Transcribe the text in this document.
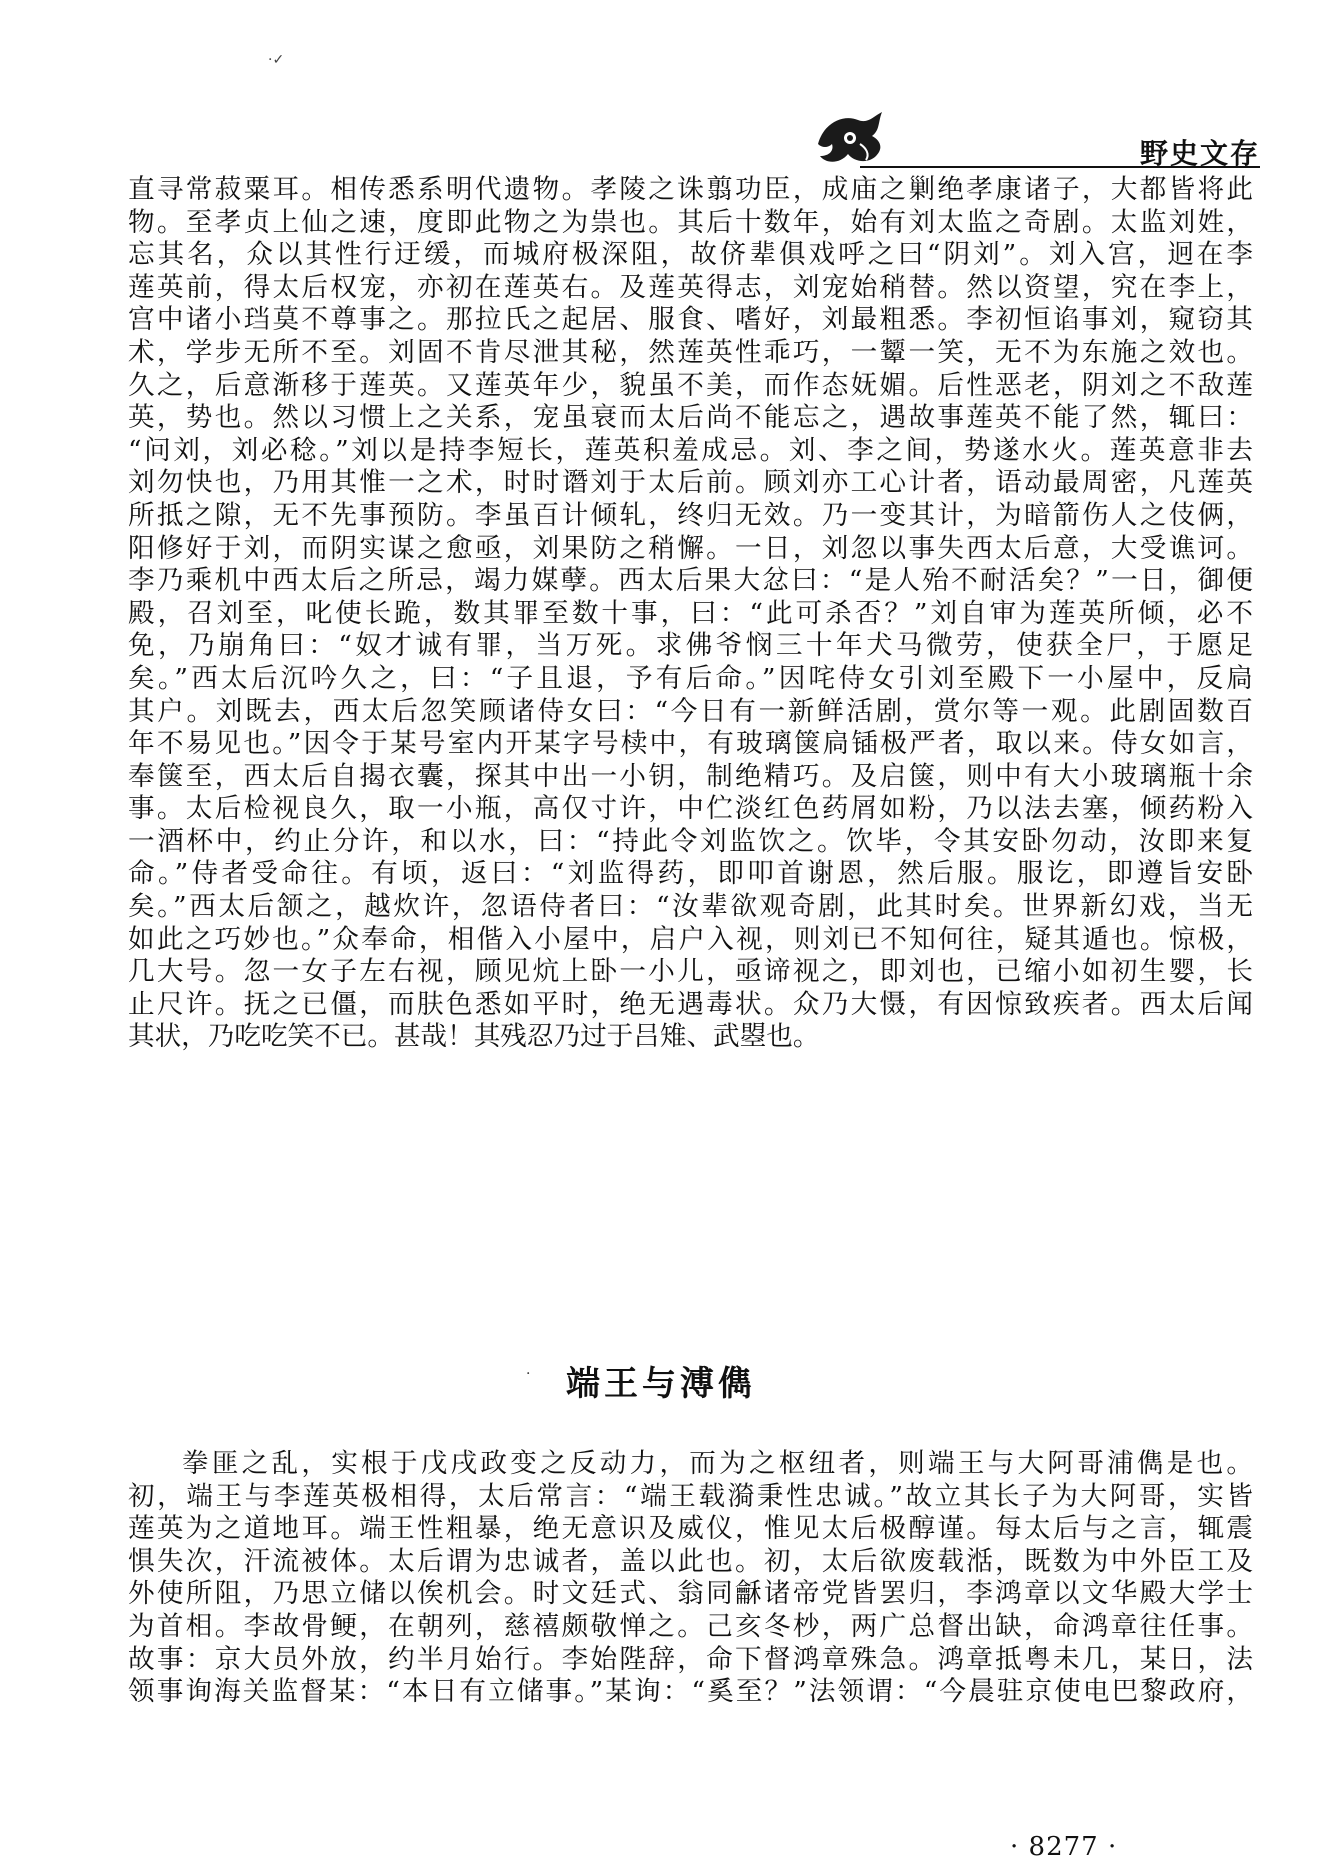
·✓
野史文存
直寻常菽粟耳。相传悉系明代遗物。孝陵之诛翦功臣，成庙之剿绝孝康诸子，大都皆将此
物。至孝贞上仙之速，度即此物之为祟也。其后十数年，始有刘太监之奇剧。太监刘姓，
忘其名，众以其性行迂缓，而城府极深阻，故侪辈俱戏呼之曰“阴刘”。刘入宫，迥在李
莲英前，得太后权宠，亦初在莲英右。及莲英得志，刘宠始稍替。然以资望，究在李上，
宫中诸小珰莫不尊事之。那拉氏之起居、服食、嗜好，刘最粗悉。李初恒谄事刘，窥窃其
术，学步无所不至。刘固不肯尽泄其秘，然莲英性乖巧，一颦一笑，无不为东施之效也。
久之，后意渐移于莲英。又莲英年少，貌虽不美，而作态妩媚。后性恶老，阴刘之不敌莲
英，势也。然以习惯上之关系，宠虽衰而太后尚不能忘之，遇故事莲英不能了然，辄曰：
“问刘，刘必稔。”刘以是持李短长，莲英积羞成忌。刘、李之间，势遂水火。莲英意非去
刘勿快也，乃用其惟一之术，时时谮刘于太后前。顾刘亦工心计者，语动最周密，凡莲英
所抵之隙，无不先事预防。李虽百计倾轧，终归无效。乃一变其计，为暗箭伤人之伎俩，
阳修好于刘，而阴实谋之愈亟，刘果防之稍懈。一日，刘忽以事失西太后意，大受谯诃。
李乃乘机中西太后之所忌，竭力媒孽。西太后果大忿曰：“是人殆不耐活矣？”一日，御便
殿，召刘至，叱使长跪，数其罪至数十事，曰：“此可杀否？”刘自审为莲英所倾，必不
免，乃崩角曰：“奴才诚有罪，当万死。求佛爷悯三十年犬马微劳，使获全尸，于愿足
矣。”西太后沉吟久之，曰：“子且退，予有后命。”因咤侍女引刘至殿下一小屋中，反扃
其户。刘既去，西太后忽笑顾诸侍女曰：“今日有一新鲜活剧，赏尔等一观。此剧固数百
年不易见也。”因令于某号室内开某字号椟中，有玻璃箧扃锸极严者，取以来。侍女如言，
奉箧至，西太后自揭衣囊，探其中出一小钥，制绝精巧。及启箧，则中有大小玻璃瓶十余
事。太后检视良久，取一小瓶，高仅寸许，中伫淡红色药屑如粉，乃以法去塞，倾药粉入
一酒杯中，约止分许，和以水，曰：“持此令刘监饮之。饮毕，令其安卧勿动，汝即来复
命。”侍者受命往。有顷，返曰：“刘监得药，即叩首谢恩，然后服。服讫，即遵旨安卧
矣。”西太后颔之，越炊许，忽语侍者曰：“汝辈欲观奇剧，此其时矣。世界新幻戏，当无
如此之巧妙也。”众奉命，相偕入小屋中，启户入视，则刘已不知何往，疑其遁也。惊极，
几大号。忽一女子左右视，顾见炕上卧一小儿，亟谛视之，即刘也，已缩小如初生婴，长
止尺许。抚之已僵，而肤色悉如平时，绝无遇毒状。众乃大慑，有因惊致疾者。西太后闻
其状，乃吃吃笑不已。甚哉！其残忍乃过于吕雉、武曌也。
·	端王与溥儁
拳匪之乱，实根于戊戌政变之反动力，而为之枢纽者，则端王与大阿哥浦儁是也。
初，端王与李莲英极相得，太后常言：“端王载漪秉性忠诚。”故立其长子为大阿哥，实皆
莲英为之道地耳。端王性粗暴，绝无意识及威仪，惟见太后极醇谨。每太后与之言，辄震
惧失次，汗流被体。太后谓为忠诚者，盖以此也。初，太后欲废载湉，既数为中外臣工及
外使所阻，乃思立储以俟机会。时文廷式、翁同龢诸帝党皆罢归，李鸿章以文华殿大学士
为首相。李故骨鲠，在朝列，慈禧颇敬惮之。己亥冬杪，两广总督出缺，命鸿章往任事。
故事：京大员外放，约半月始行。李始陛辞，命下督鸿章殊急。鸿章抵粤未几，某日，法
领事询海关监督某：“本日有立储事。”某询：“奚至？”法领谓：“今晨驻京使电巴黎政府，
· 8277 ·
